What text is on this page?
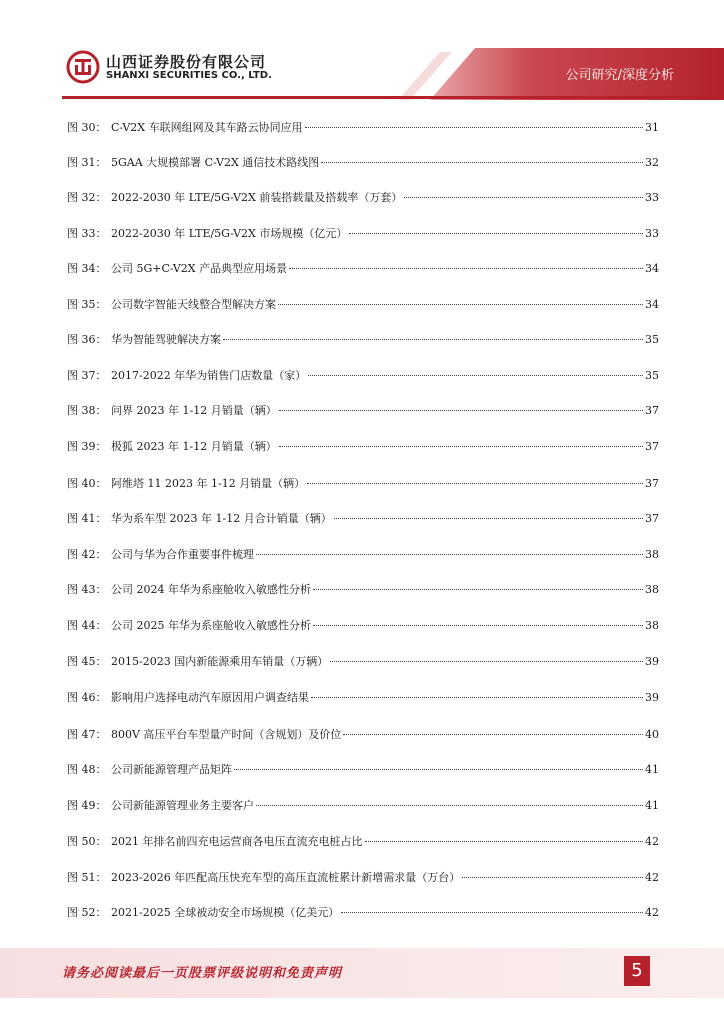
山西证券股份有限公司
SHANXI SECURITIES CO., LTD.	公司研究/深度分析
图 30： C-V2X 车联网组网及其车路云协同应用	31
图 31： 5GAA 大规模部署 C-V2X 通信技术路线图	32
图 32： 2022-2030 年 LTE/5G-V2X 前装搭载量及搭载率（万套）	33
图 33： 2022-2030 年 LTE/5G-V2X 市场规模（亿元）	33
图 34： 公司 5G+C-V2X 产品典型应用场景	34
图 35： 公司数字智能天线整合型解决方案	34
图 36： 华为智能驾驶解决方案	35
图 37： 2017-2022 年华为销售门店数量（家）	35
图 38： 问界 2023 年 1-12 月销量（辆）	37
图 39： 极狐 2023 年 1-12 月销量（辆）	37
图 40： 阿维塔 11 2023 年 1-12 月销量（辆）	37
图 41： 华为系车型 2023 年 1-12 月合计销量（辆）	37
图 42： 公司与华为合作重要事件梳理	38
图 43： 公司 2024 年华为系座舱收入敏感性分析	38
图 44： 公司 2025 年华为系座舱收入敏感性分析	38
图 45： 2015-2023 国内新能源乘用车销量（万辆）	39
图 46： 影响用户选择电动汽车原因用户调查结果	39
图 47： 800V 高压平台车型量产时间（含规划）及价位	40
图 48： 公司新能源管理产品矩阵	41
图 49： 公司新能源管理业务主要客户	41
图 50： 2021 年排名前四充电运营商各电压直流充电桩占比	42
图 51： 2023-2026 年匹配高压快充车型的高压直流桩累计新增需求量（万台）	42
图 52： 2021-2025 全球被动安全市场规模（亿美元）	42
请务必阅读最后一页股票评级说明和免责声明	5
